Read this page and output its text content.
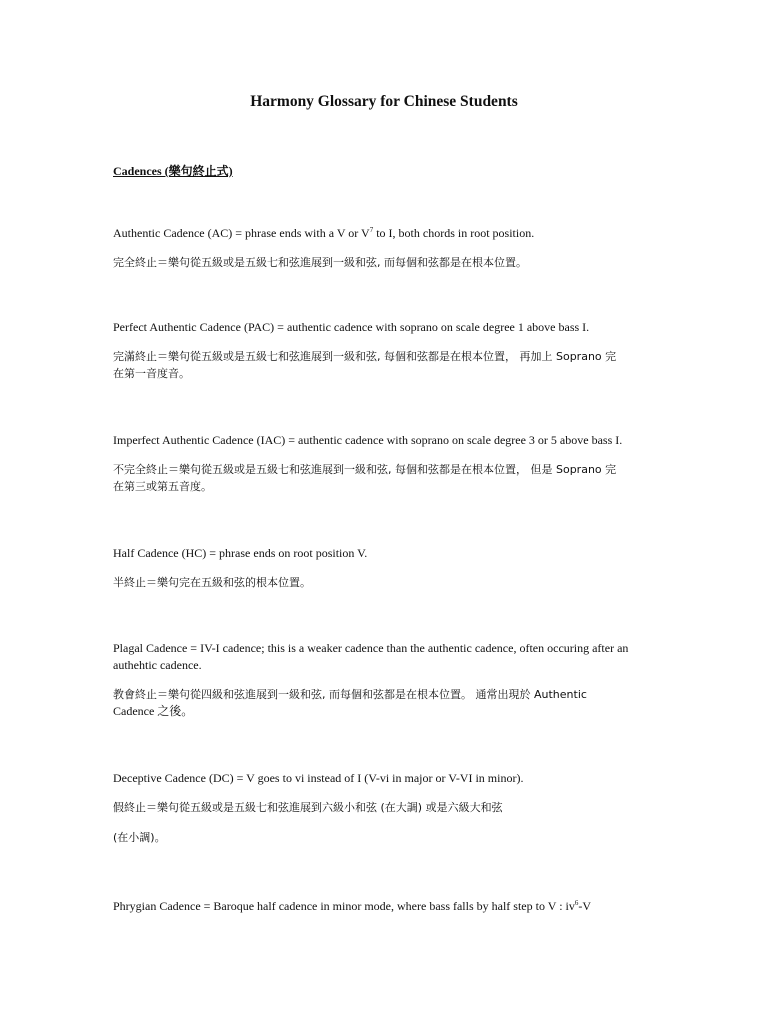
Harmony Glossary for Chinese Students
Cadences (樂句終止式)

Authentic Cadence (AC) = phrase ends with a V or $V^7$ to I, both chords in root position.

完全終止＝樂句從五級或是五級七和弦進展到一級和弦, 而每個和弦都是在根本位置。

Perfect Authentic Cadence (PAC) = authentic cadence with soprano on scale degree 1 above bass I.

完滿終止＝樂句從五級或是五級七和弦進展到一級和弦, 每個和弦都是在根本位置， 再加上 Soprano 完

在第一音度音。

Imperfect Authentic Cadence (IAC) = authentic cadence with soprano on scale degree 3 or 5 above bass I.

不完全終止＝樂句從五級或是五級七和弦進展到一級和弦, 每個和弦都是在根本位置， 但是 Soprano 完

在第三或第五音度。

Half Cadence (HC) = phrase ends on root position V.

半終止＝樂句完在五級和弦的根本位置。

Plagal Cadence = IV-I cadence; this is a weaker cadence than the authentic cadence, often occuring after an

authehtic cadence.

教會終止＝樂句從四級和弦進展到一級和弦, 而每個和弦都是在根本位置。 通常出現於 Authentic

Cadence 之後。

Deceptive Cadence (DC) = V goes to vi instead of I (V-vi in major or V-VI in minor).

假終止＝樂句從五級或是五級七和弦進展到六級小和弦 (在大調) 或是六級大和弦

(在小調)。

Phrygian Cadence = Baroque half cadence in minor mode, where bass falls by half step to V : $iv^6-V$
